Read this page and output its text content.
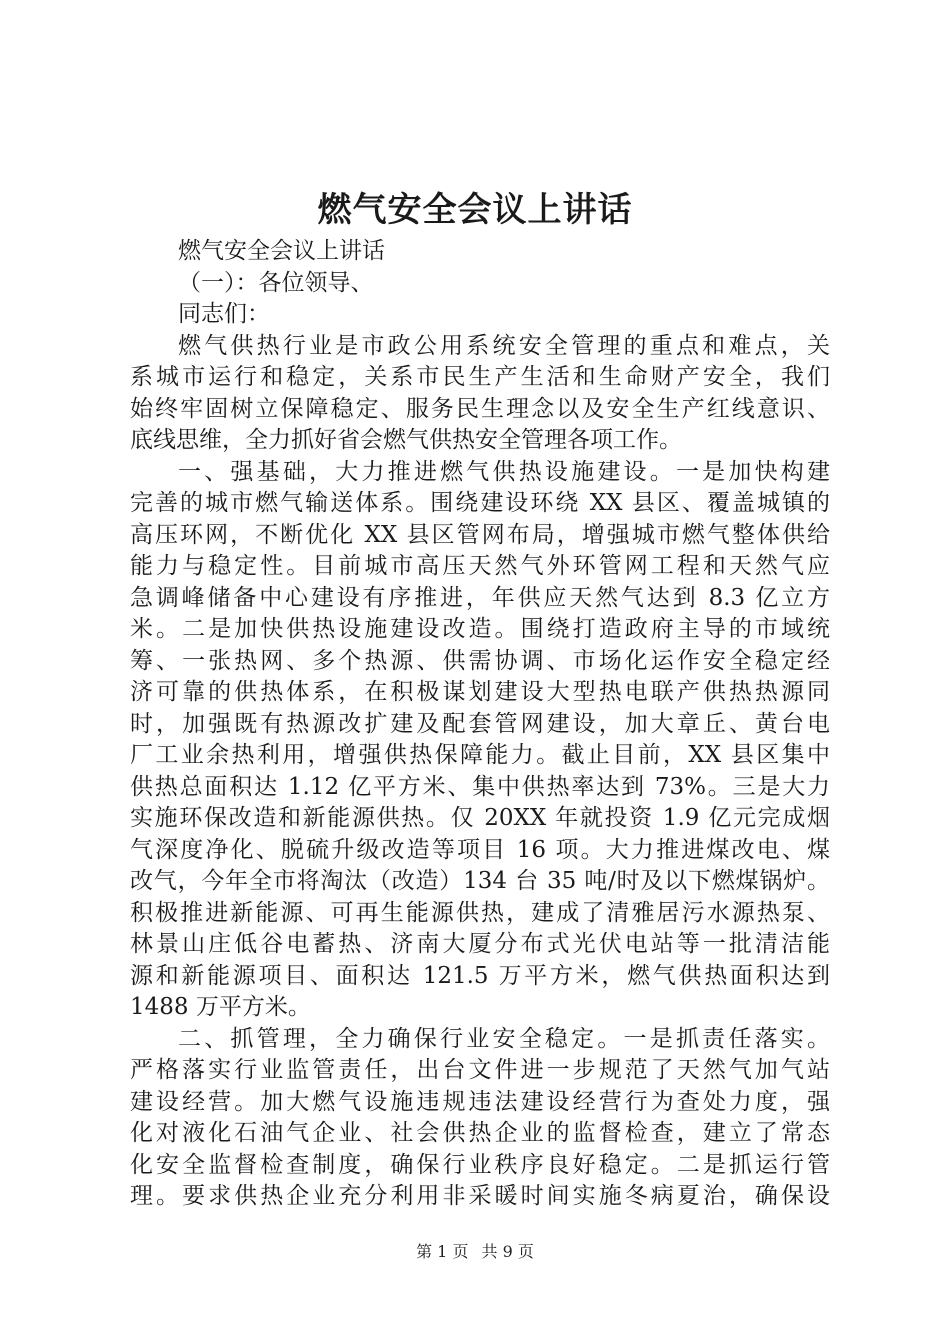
燃气安全会议上讲话
燃气安全会议上讲话
（一）：各位领导、
同志们：
燃气供热行业是市政公用系统安全管理的重点和难点，关
系城市运行和稳定，关系市民生产生活和生命财产安全，我们
始终牢固树立保障稳定、服务民生理念以及安全生产红线意识、
底线思维，全力抓好省会燃气供热安全管理各项工作。
一、强基础，大力推进燃气供热设施建设。一是加快构建
完善的城市燃气输送体系。围绕建设环绕 XX 县区、覆盖城镇的
高压环网，不断优化 XX 县区管网布局，增强城市燃气整体供给
能力与稳定性。目前城市高压天然气外环管网工程和天然气应
急调峰储备中心建设有序推进，年供应天然气达到 8.3 亿立方
米。二是加快供热设施建设改造。围绕打造政府主导的市域统
筹、一张热网、多个热源、供需协调、市场化运作安全稳定经
济可靠的供热体系，在积极谋划建设大型热电联产供热热源同
时，加强既有热源改扩建及配套管网建设，加大章丘、黄台电
厂工业余热利用，增强供热保障能力。截止目前，XX 县区集中
供热总面积达 1.12 亿平方米、集中供热率达到 73%。三是大力
实施环保改造和新能源供热。仅 20XX 年就投资 1.9 亿元完成烟
气深度净化、脱硫升级改造等项目 16 项。大力推进煤改电、煤
改气，今年全市将淘汰（改造）134 台 35 吨/时及以下燃煤锅炉。
积极推进新能源、可再生能源供热，建成了清雅居污水源热泵、
林景山庄低谷电蓄热、济南大厦分布式光伏电站等一批清洁能
源和新能源项目、面积达 121.5 万平方米，燃气供热面积达到
1488 万平方米。
二、抓管理，全力确保行业安全稳定。一是抓责任落实。
严格落实行业监管责任，出台文件进一步规范了天然气加气站
建设经营。加大燃气设施违规违法建设经营行为查处力度，强
化对液化石油气企业、社会供热企业的监督检查，建立了常态
化安全监督检查制度，确保行业秩序良好稳定。二是抓运行管
理。要求供热企业充分利用非采暖时间实施冬病夏治，确保设
第 1 页 共 9 页
